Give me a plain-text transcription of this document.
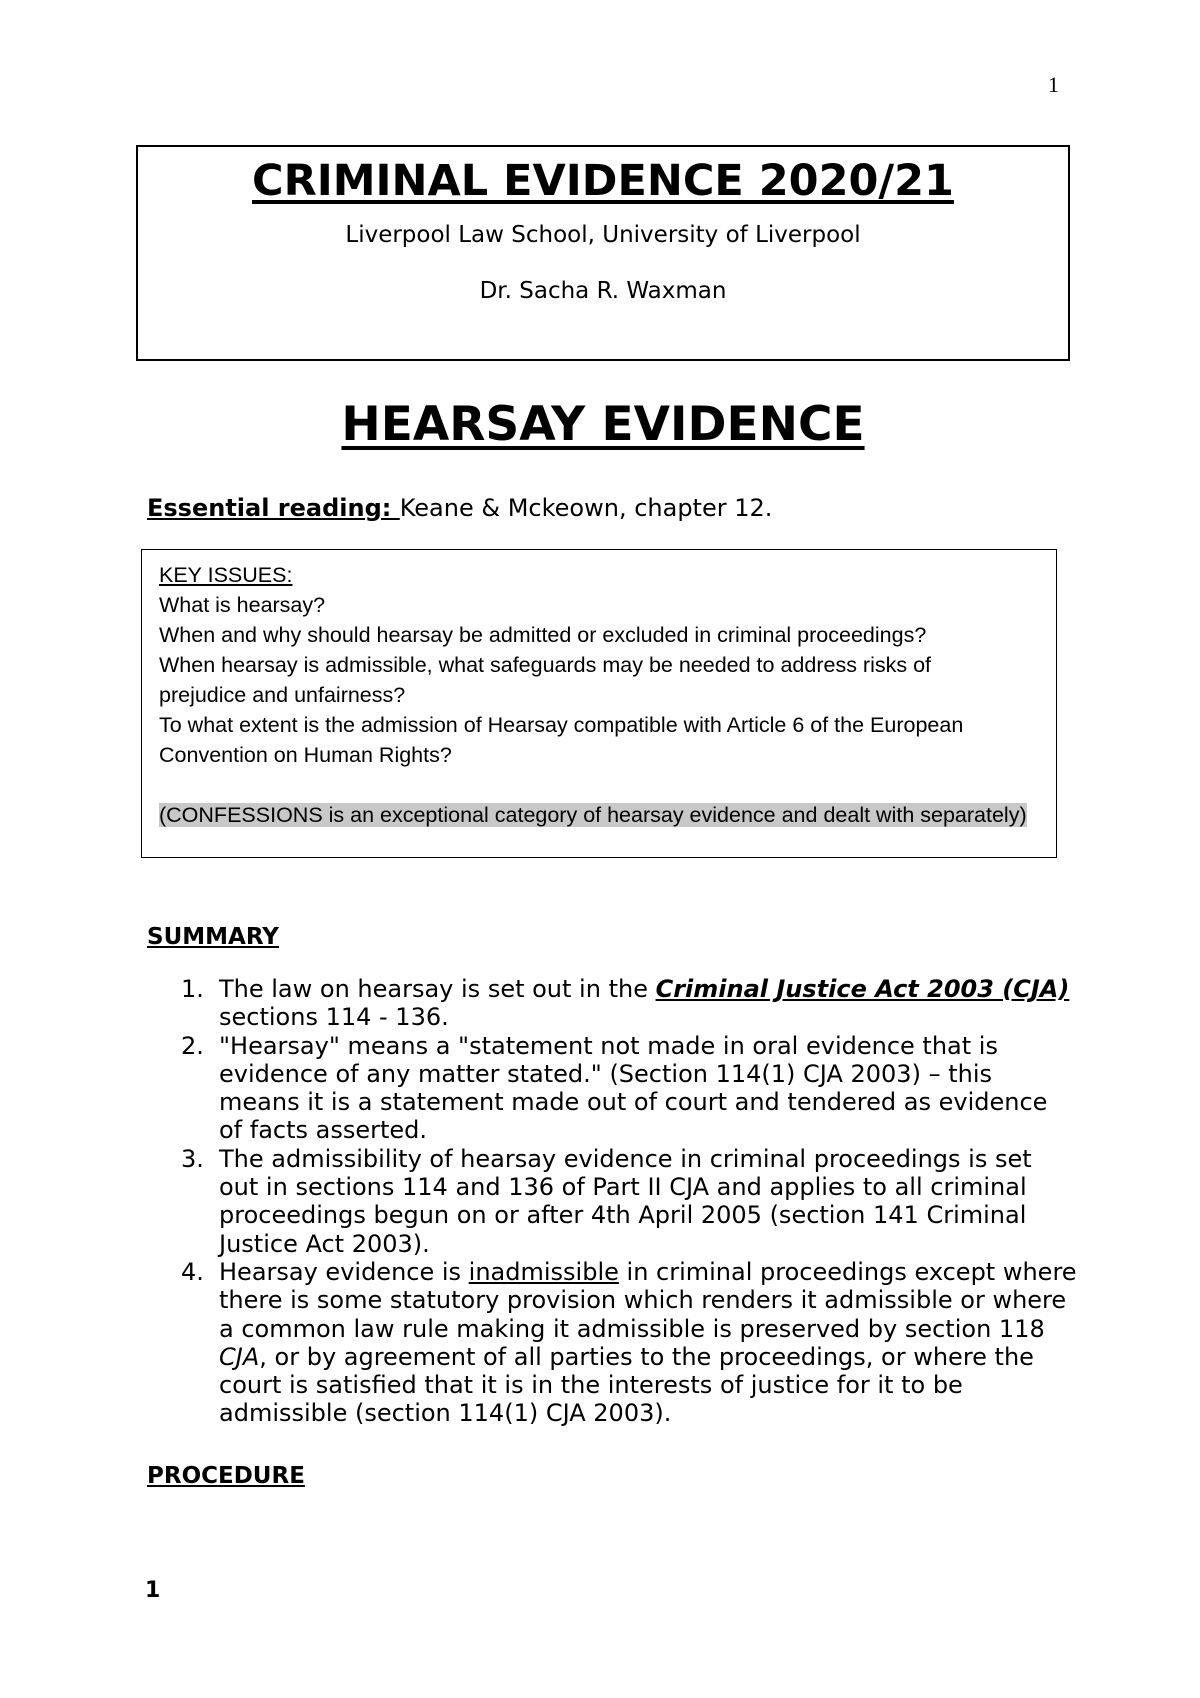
1
CRIMINAL EVIDENCE 2020/21
Liverpool Law School, University of Liverpool
Dr. Sacha R. Waxman
HEARSAY EVIDENCE
Essential reading: Keane & Mckeown, chapter 12.
KEY ISSUES:
What is hearsay?
When and why should hearsay be admitted or excluded in criminal proceedings?
When hearsay is admissible, what safeguards may be needed to address risks of
prejudice and unfairness?
To what extent is the admission of Hearsay compatible with Article 6 of the European
Convention on Human Rights?
(CONFESSIONS is an exceptional category of hearsay evidence and dealt with separately)
SUMMARY
1. The law on hearsay is set out in the Criminal Justice Act 2003 (CJA) sections 114 - 136.
2. "Hearsay" means a "statement not made in oral evidence that is evidence of any matter stated." (Section 114(1) CJA 2003) – this means it is a statement made out of court and tendered as evidence of facts asserted.
3. The admissibility of hearsay evidence in criminal proceedings is set out in sections 114 and 136 of Part II CJA and applies to all criminal proceedings begun on or after 4th April 2005 (section 141 Criminal Justice Act 2003).
4. Hearsay evidence is inadmissible in criminal proceedings except where there is some statutory provision which renders it admissible or where a common law rule making it admissible is preserved by section 118 CJA, or by agreement of all parties to the proceedings, or where the court is satisfied that it is in the interests of justice for it to be admissible (section 114(1) CJA 2003).
PROCEDURE
1
